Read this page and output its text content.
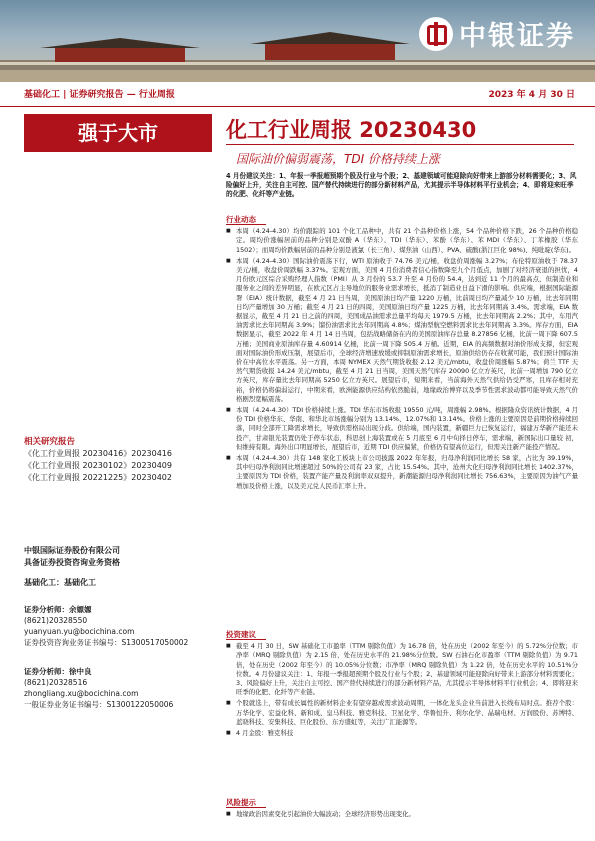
中银证券
基础化工 | 证券研究报告 — 行业周报	2023 年 4 月 30 日
强于大市	化工行业周报 20230430
国际油价偏弱震荡，TDI 价格持续上涨
相关研究报告
《化工行业周报 20230416》20230416
《化工行业周报 20230102》20230409
《化工行业周报 20221225》20230402
中银国际证券股份有限公司
具备证券投资咨询业务资格
基础化工：基础化工
证券分析师：余嫄嫄
(8621)20328550
yuanyuan.yu@bocichina.com
证券投资咨询业务证书编号：S1300517050002
证券分析师：徐中良
(8621)20328516
zhongliang.xu@bocichina.com
一般证券业务证书编号：S1300122050006
4 月份建议关注：1、年报一季报超预期个股及行业与个股；2、基建领域可能迎除向好带来上游部分材料需要化；3、风险偏好上升，关注自主可控、国产替代持续进行的部分新材料产品，尤其提示半导体材料平行业机会；4、即将迎来旺季的化肥、化纤等产业链。
行业动态
■ 本周（4.24-4.30）均价跟踪的 101 个化工品种中，共有 21 个品种价格上涨，54 个品种价格下跌，26 个品种价格稳定。周均价涨幅居前的品种分别是双酚 A（华东）、TDI（华东）、苯酚（华东）、苯 MDI（华东）、丁苯橡胶（华东 1502）；而周均价跌幅居前的品种分别是液氯（长三角）、煤焦油（山西）、PVA、硫酸(浙江巨化 98%)、纯吡啶(华东)。
■ 本周（4.24-4.30）国际油价震荡下行，WTI 原油收于 74.76 美元/桶，收盘价周涨幅 3.27%；布伦特原油收于 78.37 美元/桶，收盘价周跌幅 3.37%。宏观方面，美国 4 月份消费者信心指数降至九个月低点，加剧了对经济衰退的担忧，4 月份欧元区综合采购经理人指数（PMI）从 3 月份的 53.7 升至 4 月份的 54.4，达到近 11 个月的最高点，但制造业和服务业之间的差异明显，在欧元区占主导地位的服务业需求增长，抵消了制造业日益下滑的影响。供应端，根据国际能源署（EIA）统计数据，截至 4 月 21 日当周，美国原油日均产量 1220 万桶，比前周日均产量减少 10 万桶，比去年同期日均产量增加 30 万桶；截至 4 月 21 日的四周，美国原油日均产量 1225 万桶，比去年同期高 3.4%。需求端，EIA 数据显示，截至 4 月 21 日之前的四周，美国成品油需求总量平均每天 1979.5 万桶，比去年同期高 2.2%；其中，车用汽油需求比去年同期高 3.9%；馏份油需求比去年同期高 4.8%；煤油型航空燃料需求比去年同期高 3.3%。库存方面，EIA 数据显示，截至 2022 年 4 月 14 日当周，包括战略储备在内的美国原油库存总量 8.27856 亿桶，比前一周下降 607.5 万桶；美国商业原油库存量 4.60914 亿桶，比前一周下降 505.4 万桶。近期，EIA 的高频数据对油价形成支撑，但宏观面对国际油价形成压制，展望后市，全球经济增速放缓或抑制原油需求增长，原油供给仍存在收紧可能，我们预计国际油价在中高位水平震荡。另一方面，本周 NYMEX 天然气期货收报 2.12 美元/mbtu，收盘价周涨幅 5.87%；荷兰 TTF 天然气期货收报 14.24 美元/mbtu，截至 4 月 21 日当周，美国天然气库存 20090 亿立方英尺，比前一周增加 790 亿立方英尺，库存量比去年同期高 5250 亿立方英尺。展望后市，短期来看，当前海外天然气供给仍受严寒，且库存相对充裕，价格仍将偏弱运行，中期来看，欧洲能源供应结构依然脆弱，地缘政治博弈以及季节性需求波动都可能导致天然气价格剧烈宽幅震荡。
■ 本周（4.24-4.30）TDI 价格持续上涨。TDI 华东市场收报 19550 元/吨，周涨幅 2.98%。根据隆众资讯统计数据，4 月份 TDI 价格华东、华南、和华北市场涨幅分别为 13.14%、12.07%和 13.14%。价格上涨的主要原因是前期价格持续回落，同时全部开工降需求增长，导致供需格局出现分歧。供给端，国内装置，新疆巨力已恢复运行，福建万华新产能还未投产，甘肃银光装置仍处于停车状态，科思创上海装置或在 5 月底至 6 月中旬择日停车，需求端，新国际出口量较 初，但维持有限。海外出口明显增长，展望后市，近期 TDI 供应偏紧，价格仍有望高位运行，但需关注新产能投产情况。
■ 本周（4.24-4.30）共有 148 家化工板块上市公司披露 2022 年年报，归母净利润同比增长 58 家，占比为 39.19%，其中归母净利润同比增速超过 50%的公司有 23 家，占比 15.54%。其中，沧州大化归母净利润同比增长 1402.37%，主要原因为 TDI 价格，装置产能产量及利润率双双提升，新潮能源归母净利润同比增长 756.63%，主要原因为油气产量增加及价格上涨，以及美元兑人民币汇率上升。
投资建议
■ 截至 4 月 30 日，SW 基础化工市盈率（TTM 剔除负值）为 16.78 倍，处在历史（2002 年至今）的 5.72%分位数；市净率（MRQ 剔除负值）为 2.15 倍，处在历史水平的 21.98%分位数。SW 石油石化市盈率（TTM 剔除负值）为 9.71 倍，处在历史（2002 年至今）的 10.05%分位数；市净率（MRQ 剔除负值）为 1.22 倍，处在历史水平的 10.51%分位数。4 月份建议关注：1、年报一季报超预期个股及行业与个股；2、基建领域可能迎除向好带来上游部分材料需要化；3、风险偏好上升，关注自主可控、国产替代持续进行的部分新材料产品，尤其提示半导体材料平行业机会；4、即将迎来旺季的化肥、化纤等产业链。
■ 个股就选上，带有成长属性的新材料企业有望穿越成需求波动周期，一体化龙头企业当前进入长线布局时点。推荐个股：万华化学、宏益化科、新和成、皇马科技、雅克科技、卫星化学、华鲁恒升、利尔化学、晶瑞电材、万润股份、苏博特、蓝晓科技、安集科技、巨化股份、东方盛虹等，关注广汇能源等。
■ 4 月金股：雅克科技
风险提示
■ 地缘政治因素变化引起油价大幅波动；全球经济形势出现变化。
